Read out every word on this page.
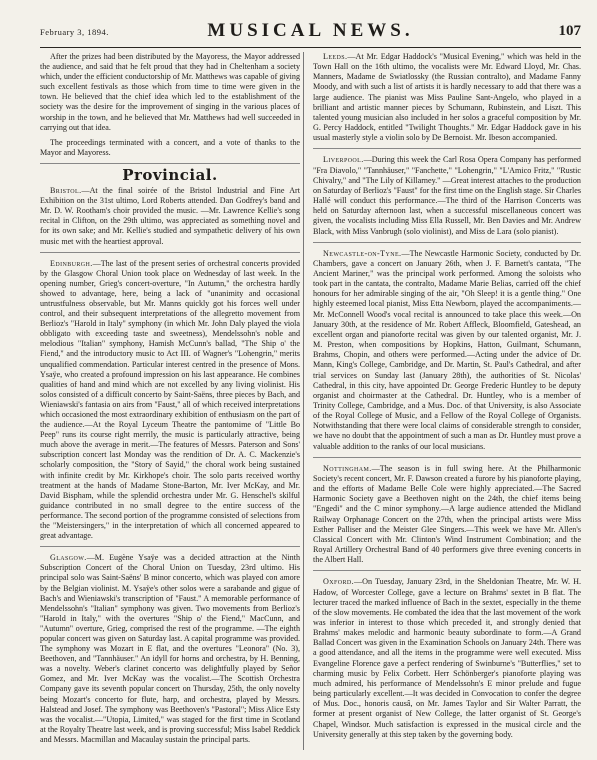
February 3, 1894.	MUSICAL NEWS.	107

After the prizes had been distributed by the Mayoress, the Mayor addressed the audience, and said that he felt proud that they had in Cheltenham a society which, under the efficient conductorship of Mr. Matthews was capable of giving such excellent festivals as those which from time to time were given in the town. He believed that the chief idea which led to the establishment of the society was the desire for the improvement of singing in the various places of worship in the town, and he believed that Mr. Matthews had well succeeded in carrying out that idea.

The proceedings terminated with a concert, and a vote of thanks to the Mayor and Mayoress.

Provincial.

Bristol.—At the final soirée of the Bristol Industrial and Fine Art Exhibition on the 31st ultimo, Lord Roberts attended. Dan Godfrey's band and Mr. D. W. Rootham's choir provided the music. —Mr. Lawrence Kellie's song recital in Clifton, on the 29th ultimo, was appreciated as something novel and for its own sake; and Mr. Kellie's studied and sympathetic delivery of his own music met with the heartiest approval.

Edinburgh.—The last of the present series of orchestral concerts provided by the Glasgow Choral Union took place on Wednesday of last week. In the opening number, Grieg's concert-overture, "In Autumn," the orchestra hardly showed to advantage, here, being a lack of "unanimity and occasional untrustfulness observable, but Mr. Manns quickly got his forces well under control, and their subsequent interpretations of the allegretto movement from Berlioz's "Harold in Italy" symphony (in which Mr. John Daly played the viola obbligato with exceeding taste and sweetness), Mendelssohn's noble and melodious "Italian" symphony, Hamish McCunn's ballad, "The Ship o' the Fiend," and the introductory music to Act III. of Wagner's "Lohengrin," merits unqualified commendation. Particular interest centred in the presence of Mons. Ysaÿe, who created a profound impression on his last appearance. He combines qualities of hand and mind which are not excelled by any living violinist. His solos consisted of a difficult concerto by Saint-Saëns, three pieces by Bach, and Wieniawski's fantasia on airs from "Faust," all of which received interpretations which occasioned the most extraordinary exhibition of enthusiasm on the part of the audience.—At the Royal Lyceum Theatre the pantomime of "Little Bo Peep" runs its course right merrily, the music is particularly attractive, being much above the average in merit.—The features of Messrs. Paterson and Sons' subscription concert last Monday was the rendition of Dr. A. C. Mackenzie's scholarly composition, the "Story of Sayid," the choral work being sustained with infinite credit by Mr. Kirkhope's choir. The solo parts received worthy treatment at the hands of Madame Stone-Barton, Mr. Iver McKay, and Mr. David Bispham, while the splendid orchestra under Mr. G. Henschel's skilful guidance contributed in no small degree to the entire success of the performance. The second portion of the programme consisted of selections from the "Meistersingers," in the interpretation of which all concerned appeared to great advantage.

Glasgow.—M. Eugène Ysaÿe was a decided attraction at the Ninth Subscription Concert of the Choral Union on Tuesday, 23rd ultimo. His principal solo was Saint-Saëns' B minor concerto, which was played con amore by the Belgian violinist. M. Ysaÿe's other solos were a sarabande and gigue of Bach's and Wieniawski's transcription of "Faust." A memorable performance of Mendelssohn's "Italian" symphony was given. Two movements from Berlioz's "Harold in Italy," with the overtures "Ship o' the Fiend," MacCunn, and "Autumn" overture, Grieg, comprised the rest of the programme. —The eighth popular concert was given on Saturday last. A capital programme was provided. The symphony was Mozart in E flat, and the overtures "Leonora" (No. 3), Beethoven, and "Tannhäuser." An idyll for horns and orchestra, by H. Benning, was a novelty. Weber's clarinet concerto was delightfully played by Señor Gomez, and Mr. Iver McKay was the vocalist.—The Scottish Orchestra Company gave its seventh popular concert on Thursday, 25th, the only novelty being Mozart's concerto for flute, harp, and orchestra, played by Messrs. Halstead and Josef. The symphony was Beethoven's "Pastoral"; Miss Alice Esty was the vocalist.—"Utopia, Limited," was staged for the first time in Scotland at the Royalty Theatre last week, and is proving successful; Miss Isabel Reddick and Messrs. Macmillan and Macaulay sustain the principal parts.

Leeds.—At Mr. Edgar Haddock's "Musical Evening," which was held in the Town Hall on the 16th ultimo, the vocalists were Mr. Edward Lloyd, Mr. Chas. Manners, Madame de Swiatlossky (the Russian contralto), and Madame Fanny Moody, and with such a list of artists it is hardly necessary to add that there was a large audience. The pianist was Miss Pauline Sant-Angelo, who played in a brilliant and artistic manner pieces by Schumann, Rubinstein, and Liszt. This talented young musician also included in her solos a graceful composition by Mr. G. Percy Haddock, entitled "Twilight Thoughts." Mr. Edgar Haddock gave in his usual masterly style a violin solo by De Bernoist. Mr. Ibeson accompanied.

Liverpool.—During this week the Carl Rosa Opera Company has performed "Fra Diavolo," "Tannhäuser," "Fanchette," "Lohengrin," "L'Amico Fritz," "Rustic Chivalry," and "The Lily of Killarney." —Great interest attaches to the production on Saturday of Berlioz's "Faust" for the first time on the English stage. Sir Charles Hallé will conduct this performance.—The third of the Harrison Concerts was held on Saturday afternoon last, when a successful miscellaneous concert was given, the vocalists including Miss Ella Russell, Mr. Ben Davies and Mr. Andrew Black, with Miss Vanbrugh (solo violinist), and Miss de Lara (solo pianist).

Newcastle-on-Tyne.—The Newcastle Harmonic Society, conducted by Dr. Chambers, gave a concert on January 26th, when J. F. Barnett's cantata, "The Ancient Mariner," was the principal work performed. Among the soloists who took part in the cantata, the contralto, Madame Marie Belias, carried off the chief honours for her admirable singing of the air, "Oh Sleep! it is a gentle thing." One highly esteemed local pianist, Miss Etta Newborn, played the accompaniments.—Mr. McConnell Wood's vocal recital is announced to take place this week.—On January 30th, at the residence of Mr. Robert Affleck, Bloomfield, Gateshead, an excellent organ and pianoforte recital was given by our talented organist, Mr. J. M. Preston, when compositions by Hopkins, Hatton, Guilmant, Schumann, Brahms, Chopin, and others were performed.—Acting under the advice of Dr. Mann, King's College, Cambridge, and Dr. Martin, St. Paul's Cathedral, and after trial services on Sunday last (January 28th), the authorities of St. Nicolas' Cathedral, in this city, have appointed Dr. George Frederic Huntley to be deputy organist and choirmaster at the Cathedral. Dr. Huntley, who is a member of Trinity College, Cambridge, and a Mus. Doc. of that University, is also Associate of the Royal College of Music, and a Fellow of the Royal College of Organists. Notwithstanding that there were local claims of considerable strength to consider, we have no doubt that the appointment of such a man as Dr. Huntley must prove a valuable addition to the ranks of our local musicians.

Nottingham.—The season is in full swing here. At the Philharmonic Society's recent concert, Mr. F. Dawson created a furore by his pianoforte playing, and the efforts of Madame Belle Cole were highly appreciated.—The Sacred Harmonic Society gave a Beethoven night on the 24th, the chief items being "Engedi" and the C minor symphony.—A large audience attended the Midland Railway Orphanage Concert on the 27th, when the principal artists were Miss Esther Palliser and the Meister Glee Singers.—This week we have Mr. Allen's Classical Concert with Mr. Clinton's Wind Instrument Combination; and the Royal Artillery Orchestral Band of 40 performers give three evening concerts in the Albert Hall.

Oxford.—On Tuesday, January 23rd, in the Sheldonian Theatre, Mr. W. H. Hadow, of Worcester College, gave a lecture on Brahms' sextet in B flat. The lecturer traced the marked influence of Bach in the sextet, especially in the theme of the slow movements. He combated the idea that the last movement of the work was inferior in interest to those which preceded it, and strongly denied that Brahms' makes melodic and harmonic beauty subordinate to form.—A Grand Ballad Concert was given in the Examination Schools on January 24th. There was a good attendance, and all the items in the programme were well executed. Miss Evangeline Florence gave a perfect rendering of Swinburne's "Butterflies," set to charming music by Felix Corbett. Herr Schönberger's pianoforte playing was much admired, his performance of Mendelssohn's E minor prelude and fugue being particularly excellent.—It was decided in Convocation to confer the degree of Mus. Doc., honoris causâ, on Mr. James Taylor and Sir Walter Parratt, the former at present organist of New College, the latter organist of St. George's Chapel, Windsor. Much satisfaction is expressed in the musical circle and the University generally at this step taken by the governing body.
